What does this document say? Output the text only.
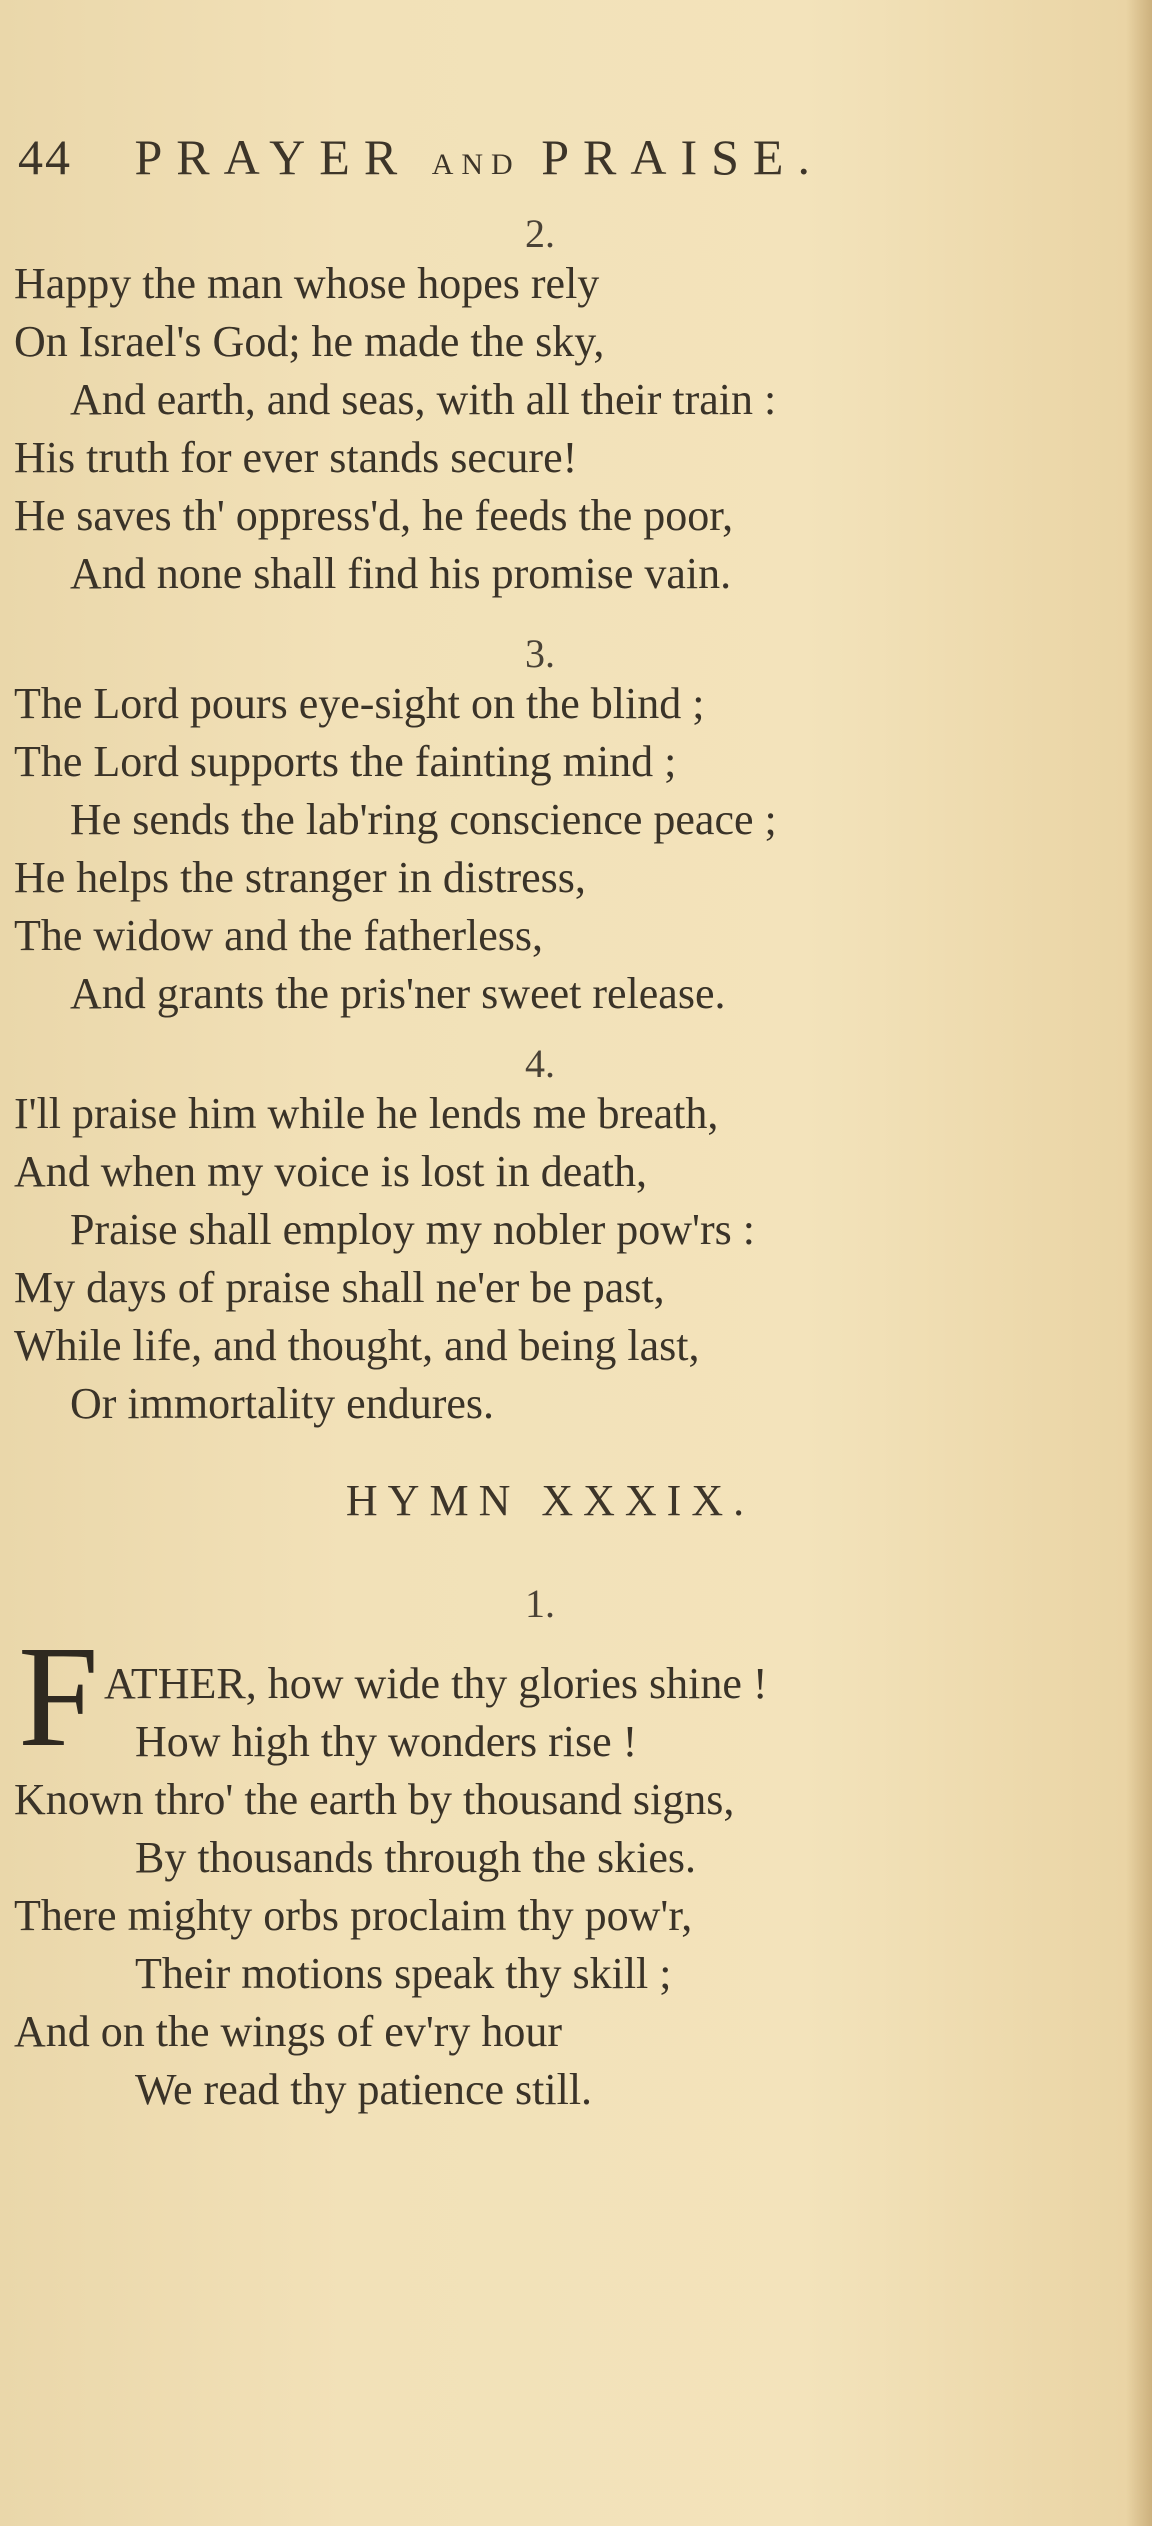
44 PRAYER AND PRAISE.
2.
Happy the man whose hopes rely
On Israel's God; he made the sky,
And earth, and seas, with all their train :
His truth for ever stands secure!
He saves th' oppress'd, he feeds the poor,
And none shall find his promise vain.
3.
The Lord pours eye-sight on the blind ;
The Lord supports the fainting mind ;
He sends the lab'ring conscience peace ;
He helps the stranger in distress,
The widow and the fatherless,
And grants the pris'ner sweet release.
4.
I'll praise him while he lends me breath,
And when my voice is lost in death,
Praise shall employ my nobler pow'rs :
My days of praise shall ne'er be past,
While life, and thought, and being last,
Or immortality endures.
HYMN XXXIX.
1.
F ATHER, how wide thy glories shine !
How high thy wonders rise !
Known thro' the earth by thousand signs,
By thousands through the skies.
There mighty orbs proclaim thy pow'r,
Their motions speak thy skill ;
And on the wings of ev'ry hour
We read thy patience still.
